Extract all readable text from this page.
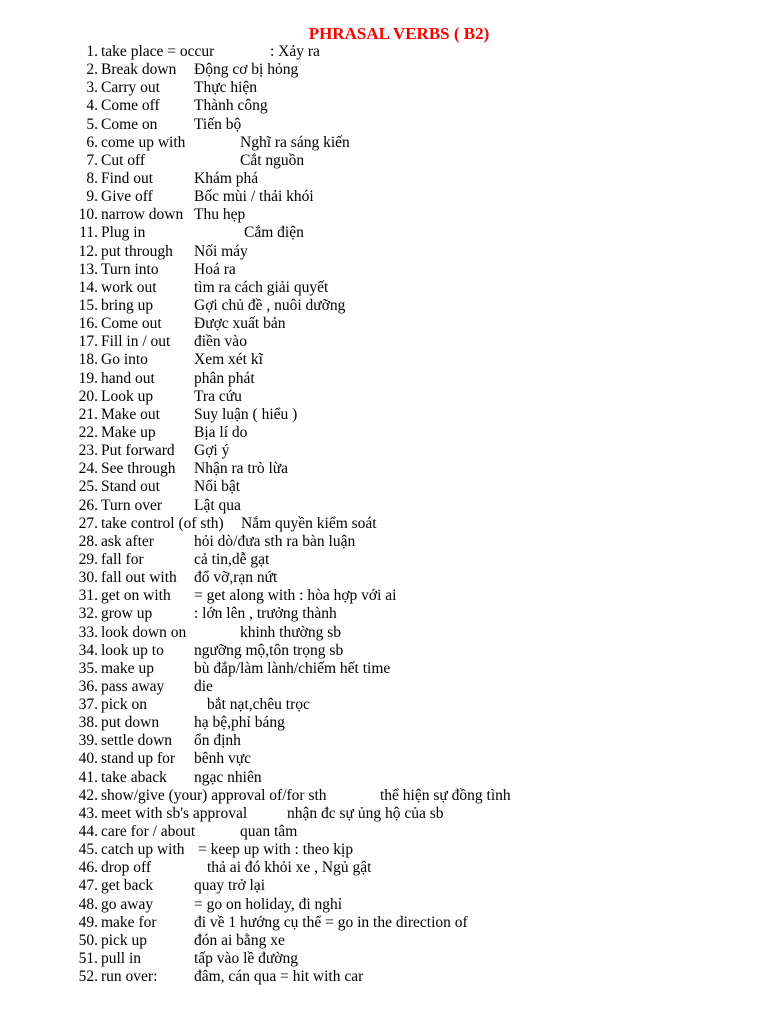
PHRASAL VERBS ( B2)
1. take place = occur	: Xảy ra
2. Break down Động cơ bị hỏng
3. Carry out Thực hiện
4. Come off Thành công
5. Come on Tiến bộ
6. come up with	Nghĩ ra sáng kiến
7. Cut off	Cắt nguồn
8. Find out	Khám phá
9. Give off	Bốc mùi / thải khói
10. narrow down Thu hẹp
11. Plug in	Cắm điện
12. put through Nối máy
13. Turn into Hoá ra
14. work out tìm ra cách giải quyết
15. bring up	Gợi chủ đề , nuôi dưỡng
16. Come out Được xuất bản
17. Fill in / out điền vào
18. Go into	Xem xét kĩ
19. hand out	phân phát
20. Look up	Tra cứu
21. Make out Suy luận ( hiểu )
22. Make up Bịa lí do
23. Put forward Gợi ý
24. See through Nhận ra trò lừa
25. Stand out Nổi bật
26. Turn over Lật qua
27. take control (of sth) Nắm quyền kiểm soát
28. ask after	hỏi dò/đưa sth ra bàn luận
29. fall for	cả tin,dễ gạt
30. fall out with đổ vỡ,rạn nứt
31. get on with = get along with : hòa hợp với ai
32. grow up	: lớn lên , trưởng thành
33. look down on	khinh thường sb
34. look up to ngưỡng mộ,tôn trọng sb
35. make up	bù đắp/làm lành/chiếm hết time
36. pass away die
37. pick on	bắt nạt,chêu trọc
38. put down hạ bệ,phỉ báng
39. settle down ổn định
40. stand up for bênh vực
41. take aback ngạc nhiên
42. show/give (your) approval of/for sth	thể hiện sự đồng tình
43. meet with sb's approval	nhận đc sự ủng hộ của sb
44. care for / about	quan tâm
45. catch up with = keep up with : theo kịp
46. drop off	thả ai đó khỏi xe , Ngủ gật
47. get back	quay trở lại
48. go away	= go on holiday, đi nghỉ
49. make for đi về 1 hướng cụ thể = go in the direction of
50. pick up	đón ai bằng xe
51. pull in	tấp vào lề đường
52. run over: đâm, cán qua = hit with car
